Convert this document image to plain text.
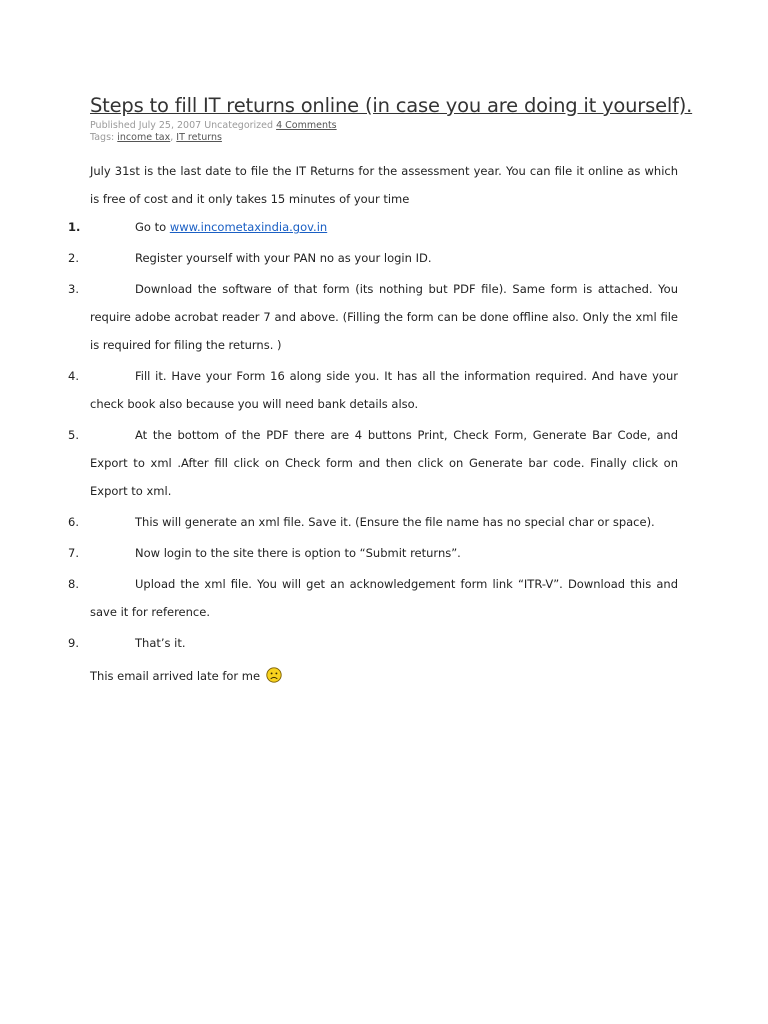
Steps to fill IT returns online (in case you are doing it yourself).
Published July 25, 2007 Uncategorized 4 Comments
Tags: income tax, IT returns

July 31st is the last date to file the IT Returns for the assessment year. You can file it online as which is free of cost and it only takes 15 minutes of your time

1.	Go to www.incometaxindia.gov.in
2.	Register yourself with your PAN no as your login ID.
3.	Download the software of that form (its nothing but PDF file). Same form is attached. You require adobe acrobat reader 7 and above. (Filling the form can be done offline also. Only the xml file is required for filing the returns. )
4.	Fill it. Have your Form 16 along side you. It has all the information required. And have your check book also because you will need bank details also.
5.	At the bottom of the PDF there are 4 buttons Print, Check Form, Generate Bar Code, and Export to xml .After fill click on Check form and then click on Generate bar code. Finally click on Export to xml.
6.	This will generate an xml file. Save it. (Ensure the file name has no special char or space).
7.	Now login to the site there is option to “Submit returns”.
8.	Upload the xml file. You will get an acknowledgement form link “ITR-V”. Download this and save it for reference.
9.	That’s it.

This email arrived late for me
